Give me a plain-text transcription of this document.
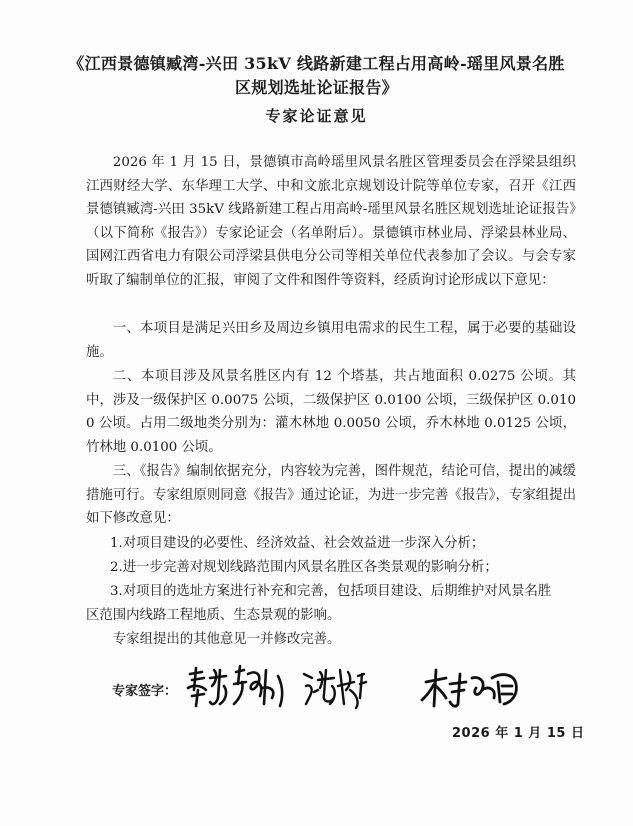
《江西景德镇臧湾-兴田 35kV 线路新建工程占用高岭-瑶里风景名胜
区规划选址论证报告》
专家论证意见
2026 年 1 月 15 日，景德镇市高岭瑶里风景名胜区管理委员会在浮梁县组织江西财经大学、东华理工大学、中和文旅北京规划设计院等单位专家，召开《江西景德镇臧湾-兴田 35kV 线路新建工程占用高岭-瑶里风景名胜区规划选址论证报告》（以下简称《报告》）专家论证会（名单附后）。景德镇市林业局、浮梁县林业局、国网江西省电力有限公司浮梁县供电分公司等相关单位代表参加了会议。与会专家听取了编制单位的汇报，审阅了文件和图件等资料，经质询讨论形成以下意见：
一、本项目是满足兴田乡及周边乡镇用电需求的民生工程，属于必要的基础设施。
二、本项目涉及风景名胜区内有 12 个塔基，共占地面积 0.0275 公顷。其中，涉及一级保护区 0.0075 公顷，二级保护区 0.0100 公顷，三级保护区 0.0100 公顷。占用二级地类分别为：灌木林地 0.0050 公顷，乔木林地 0.0125 公顷，竹林地 0.0100 公顷。
三、《报告》编制依据充分，内容较为完善，图件规范，结论可信，提出的减缓措施可行。专家组原则同意《报告》通过论证，为进一步完善《报告》，专家组提出如下修改意见：
1.对项目建设的必要性、经济效益、社会效益进一步深入分析；
2.进一步完善对规划线路范围内风景名胜区各类景观的影响分析；
3.对项目的选址方案进行补充和完善，包括项目建设、后期维护对风景名胜
区范围内线路工程地质、生态景观的影响。
专家组提出的其他意见一并修改完善。
专家签字：
2026 年 1 月 15 日
